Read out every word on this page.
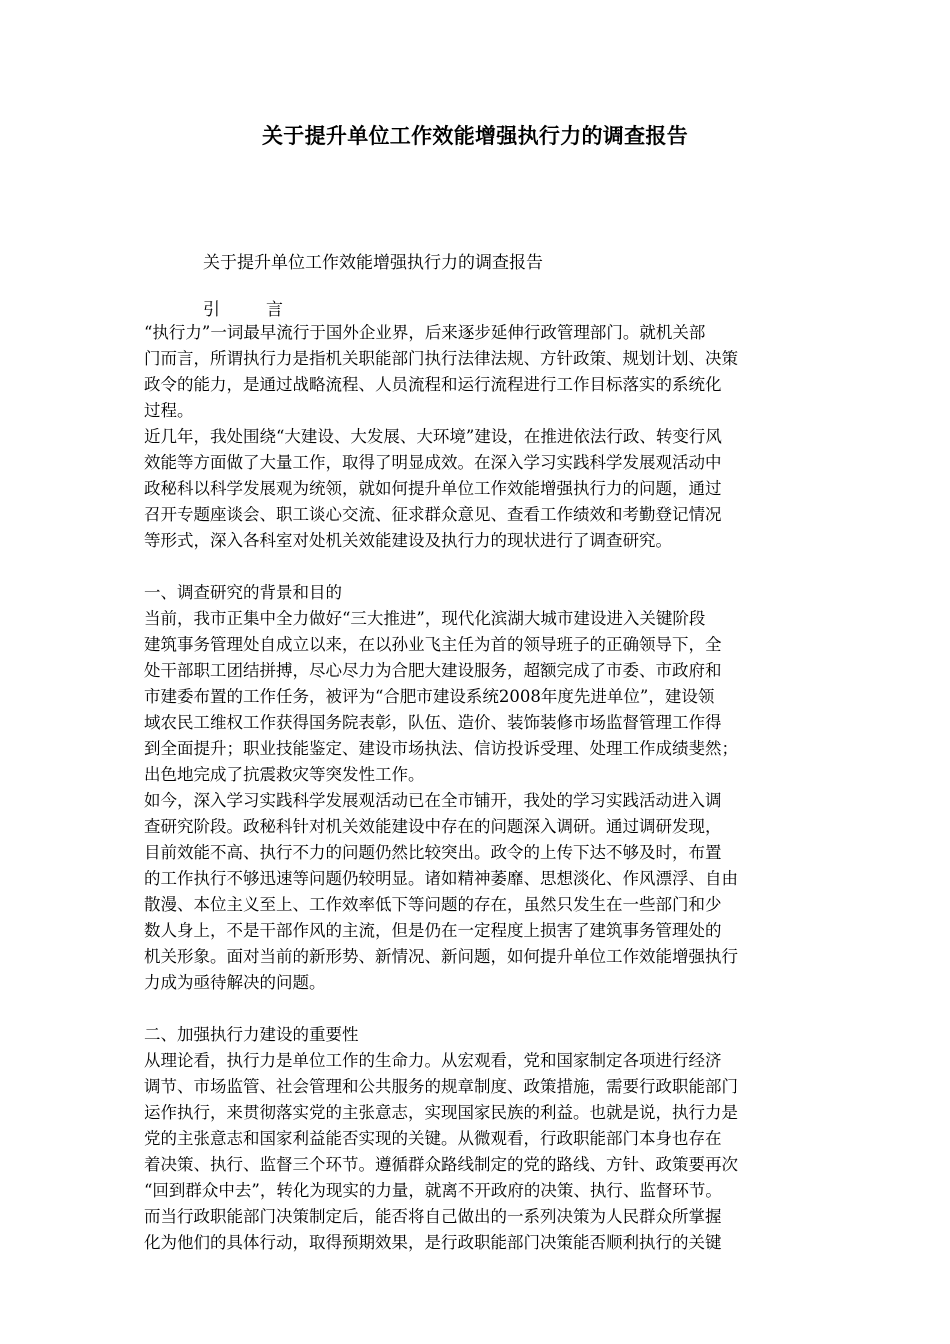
关于提升单位工作效能增强执行力的调查报告
关于提升单位工作效能增强执行力的调查报告
引	言

“执行力”一词最早流行于国外企业界，后来逐步延伸行政管理部门。就机关部
门而言，所谓执行力是指机关职能部门执行法律法规、方针政策、规划计划、决策
政令的能力，是通过战略流程、人员流程和运行流程进行工作目标落实的系统化
过程。

近几年，我处围绕“大建设、大发展、大环境”建设，在推进依法行政、转变行风
效能等方面做了大量工作，取得了明显成效。在深入学习实践科学发展观活动中
政秘科以科学发展观为统领，就如何提升单位工作效能增强执行力的问题，通过
召开专题座谈会、职工谈心交流、征求群众意见、查看工作绩效和考勤登记情况
等形式，深入各科室对处机关效能建设及执行力的现状进行了调查研究。

一、调查研究的背景和目的

当前，我市正集中全力做好“三大推进”，现代化滨湖大城市建设进入关键阶段
建筑事务管理处自成立以来，在以孙业飞主任为首的领导班子的正确领导下，全
处干部职工团结拼搏，尽心尽力为合肥大建设服务，超额完成了市委、市政府和
市建委布置的工作任务，被评为“合肥市建设系统2008年度先进单位”，建设领
域农民工维权工作获得国务院表彰，队伍、造价、装饰装修市场监督管理工作得
到全面提升；职业技能鉴定、建设市场执法、信访投诉受理、处理工作成绩斐然；
出色地完成了抗震救灾等突发性工作。

如今，深入学习实践科学发展观活动已在全市铺开，我处的学习实践活动进入调
查研究阶段。政秘科针对机关效能建设中存在的问题深入调研。通过调研发现，
目前效能不高、执行不力的问题仍然比较突出。政令的上传下达不够及时，布置
的工作执行不够迅速等问题仍较明显。诸如精神萎靡、思想淡化、作风漂浮、自由
散漫、本位主义至上、工作效率低下等问题的存在，虽然只发生在一些部门和少
数人身上，不是干部作风的主流，但是仍在一定程度上损害了建筑事务管理处的
机关形象。面对当前的新形势、新情况、新问题，如何提升单位工作效能增强执行
力成为亟待解决的问题。

二、加强执行力建设的重要性

从理论看，执行力是单位工作的生命力。从宏观看，党和国家制定各项进行经济
调节、市场监管、社会管理和公共服务的规章制度、政策措施，需要行政职能部门
运作执行，来贯彻落实党的主张意志，实现国家民族的利益。也就是说，执行力是
党的主张意志和国家利益能否实现的关键。从微观看，行政职能部门本身也存在
着决策、执行、监督三个环节。遵循群众路线制定的党的路线、方针、政策要再次
“回到群众中去”，转化为现实的力量，就离不开政府的决策、执行、监督环节。
而当行政职能部门决策制定后，能否将自己做出的一系列决策为人民群众所掌握
化为他们的具体行动，取得预期效果，是行政职能部门决策能否顺利执行的关键
